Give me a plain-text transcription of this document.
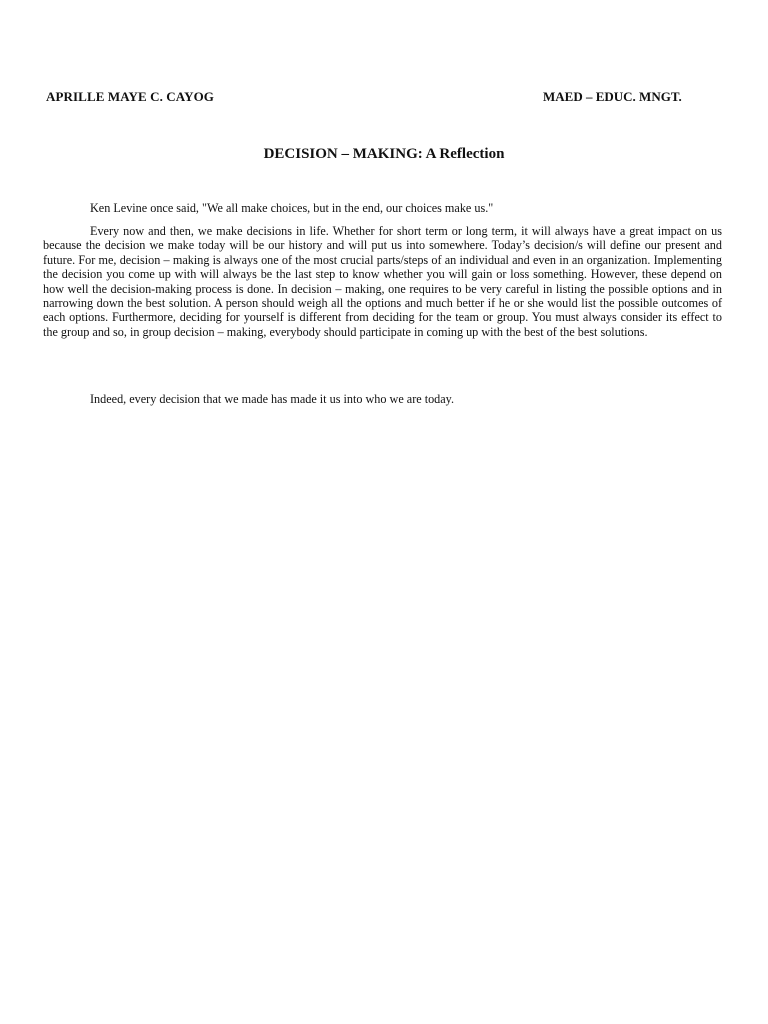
APRILLE MAYE C. CAYOG	MAED – EDUC. MNGT.
DECISION – MAKING: A Reflection

Ken Levine once said, "We all make choices, but in the end, our choices make us."

Every now and then, we make decisions in life. Whether for short term or long term, it will always have a great impact on us because the decision we make today will be our history and will put us into somewhere. Today’s decision/s will define our present and future. For me, decision – making is always one of the most crucial parts/steps of an individual and even in an organization. Implementing the decision you come up with will always be the last step to know whether you will gain or loss something. However, these depend on how well the decision-making process is done. In decision – making, one requires to be very careful in listing the possible options and in narrowing down the best solution. A person should weigh all the options and much better if he or she would list the possible outcomes of each options. Furthermore, deciding for yourself is different from deciding for the team or group. You must always consider its effect to the group and so, in group decision – making, everybody should participate in coming up with the best of the best solutions.

Indeed, every decision that we made has made it us into who we are today.
